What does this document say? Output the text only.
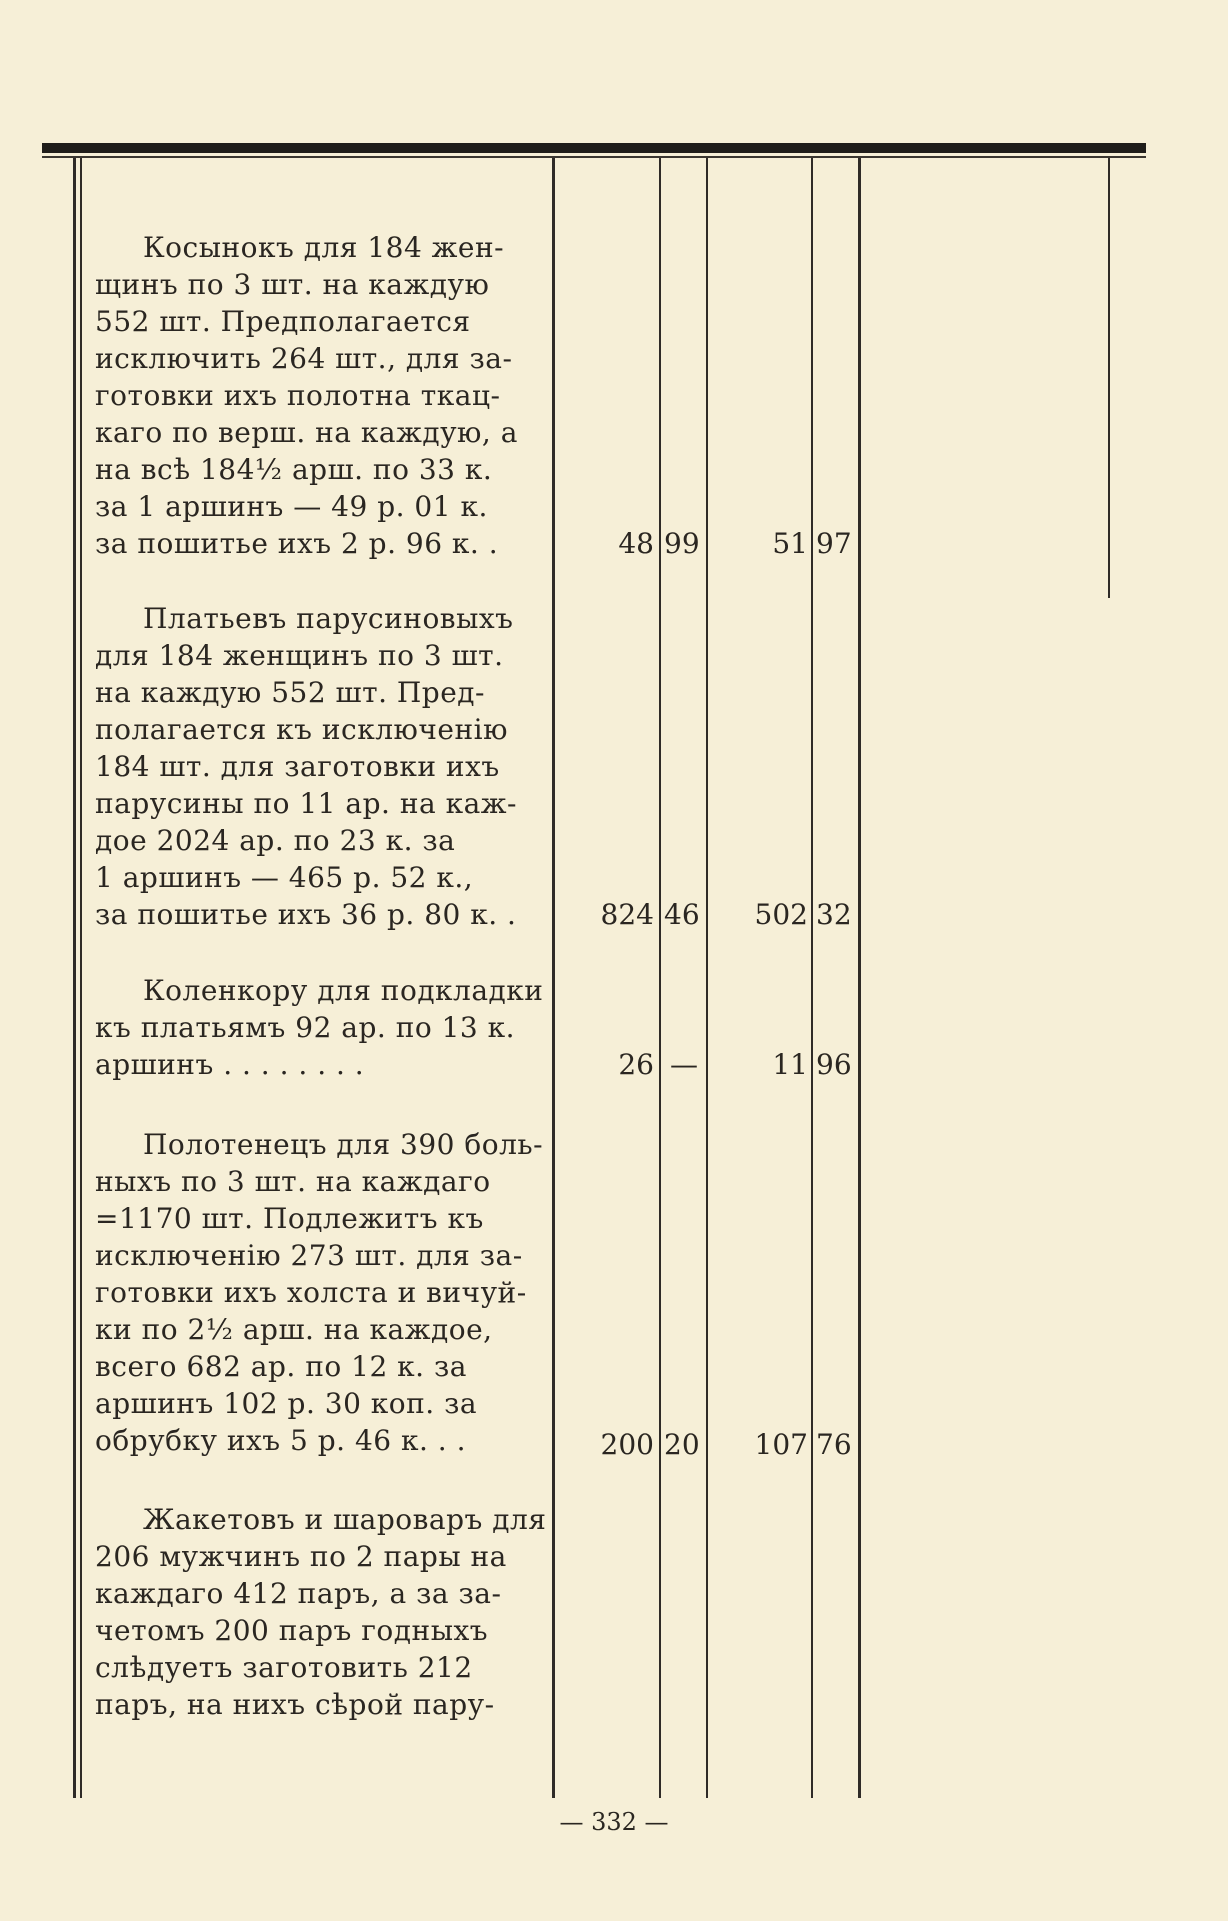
Косынокъ для 184 жен-
щинъ по 3 шт. на каждую
552 шт. Предполагается
исключить 264 шт., для за-
готовки ихъ полотна ткац-
каго по верш. на каждую, а
на всѣ 184½ арш. по 33 к.
за 1 аршинъ — 49 р. 01 к.
за пошитье ихъ 2 р. 96 к. .	48 99	51 97
Платьевъ парусиновыхъ
для 184 женщинъ по 3 шт.
на каждую 552 шт. Пред-
полагается къ исключенію
184 шт. для заготовки ихъ
парусины по 11 ар. на каж-
дое 2024 ар. по 23 к. за
1 аршинъ — 465 р. 52 к.,
за пошитье ихъ 36 р. 80 к. .	824 46	502 32
Коленкору для подкладки
къ платьямъ 92 ар. по 13 к.
аршинъ . . . . . . . .	26 —	11 96
Полотенецъ для 390 боль-
ныхъ по 3 шт. на каждаго
=1170 шт. Подлежитъ къ
исключенію 273 шт. для за-
готовки ихъ холста и вичуй-
ки по 2½ арш. на каждое,
всего 682 ар. по 12 к. за
аршинъ 102 р. 30 коп. за
обрубку ихъ 5 р. 46 к. . .	200 20	107 76
Жакетовъ и шароваръ для
206 мужчинъ по 2 пары на
каждаго 412 паръ, а за за-
четомъ 200 паръ годныхъ
слѣдуетъ заготовить 212
паръ, на нихъ сѣрой пару-
— 332 —
